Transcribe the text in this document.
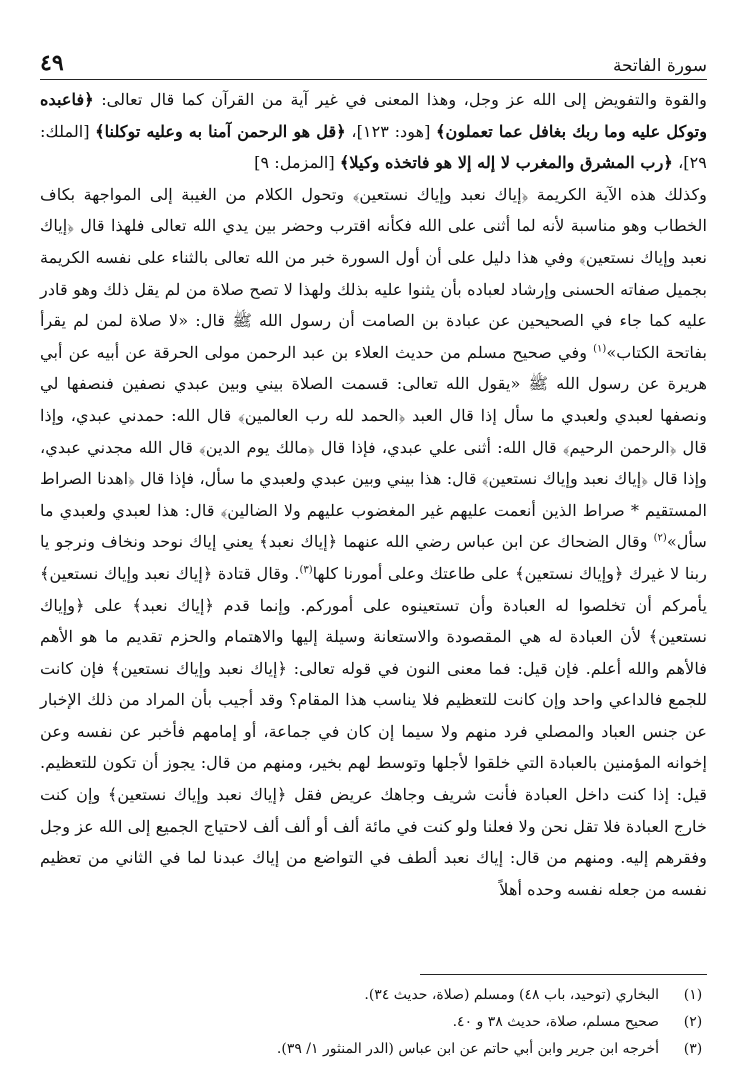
سورة الفاتحة
٤٩

والقوة والتفويض إلى الله عز وجل، وهذا المعنى في غير آية من القرآن كما قال تعالى: ﴿فاعبده وتوكل عليه وما ربك بغافل عما تعملون﴾ [هود: ١٢٣]، ﴿قل هو الرحمن آمنا به وعليه توكلنا﴾ [الملك: ٢٩]، ﴿رب المشرق والمغرب لا إله إلا هو فاتخذه وكيلا﴾ [المزمل: ٩]

وكذلك هذه الآية الكريمة ﴿إياك نعبد وإياك نستعين﴾ وتحول الكلام من الغيبة إلى المواجهة بكاف الخطاب وهو مناسبة لأنه لما أثنى على الله فكأنه اقترب وحضر بين يدي الله تعالى فلهذا قال ﴿إياك نعبد وإياك نستعين﴾ وفي هذا دليل على أن أول السورة خبر من الله تعالى بالثناء على نفسه الكريمة بجميل صفاته الحسنى وإرشاد لعباده بأن يثنوا عليه بذلك ولهذا لا تصح صلاة من لم يقل ذلك وهو قادر عليه كما جاء في الصحيحين عن عبادة بن الصامت أن رسول الله ﷺ قال: «لا صلاة لمن لم يقرأ بفاتحة الكتاب»$^{(١)}$ وفي صحيح مسلم من حديث العلاء بن عبد الرحمن مولى الحرقة عن أبيه عن أبي هريرة عن رسول الله ﷺ «يقول الله تعالى: قسمت الصلاة بيني وبين عبدي نصفين فنصفها لي ونصفها لعبدي ولعبدي ما سأل إذا قال العبد ﴿الحمد لله رب العالمين﴾ قال الله: حمدني عبدي، وإذا قال ﴿الرحمن الرحيم﴾ قال الله: أثنى علي عبدي، فإذا قال ﴿مالك يوم الدين﴾ قال الله مجدني عبدي، وإذا قال ﴿إياك نعبد وإياك نستعين﴾ قال: هذا بيني وبين عبدي ولعبدي ما سأل، فإذا قال ﴿اهدنا الصراط المستقيم * صراط الذين أنعمت عليهم غير المغضوب عليهم ولا الضالين﴾ قال: هذا لعبدي ولعبدي ما سأل»$^{(٢)}$ وقال الضحاك عن ابن عباس رضي الله عنهما ﴿إياك نعبد﴾ يعني إياك نوحد ونخاف ونرجو يا ربنا لا غيرك ﴿وإياك نستعين﴾ على طاعتك وعلى أمورنا كلها$^{(٣)}$. وقال قتادة ﴿إياك نعبد وإياك نستعين﴾ يأمركم أن تخلصوا له العبادة وأن تستعينوه على أموركم. وإنما قدم ﴿إياك نعبد﴾ على ﴿وإياك نستعين﴾ لأن العبادة له هي المقصودة والاستعانة وسيلة إليها والاهتمام والحزم تقديم ما هو الأهم فالأهم والله أعلم. فإن قيل: فما معنى النون في قوله تعالى: ﴿إياك نعبد وإياك نستعين﴾ فإن كانت للجمع فالداعي واحد وإن كانت للتعظيم فلا يناسب هذا المقام؟ وقد أجيب بأن المراد من ذلك الإخبار عن جنس العباد والمصلي فرد منهم ولا سيما إن كان في جماعة، أو إمامهم فأخبر عن نفسه وعن إخوانه المؤمنين بالعبادة التي خلقوا لأجلها وتوسط لهم بخير، ومنهم من قال: يجوز أن تكون للتعظيم. قيل: إذا كنت داخل العبادة فأنت شريف وجاهك عريض فقل ﴿إياك نعبد وإياك نستعين﴾ وإن كنت خارج العبادة فلا تقل نحن ولا فعلنا ولو كنت في مائة ألف أو ألف ألف لاحتياج الجميع إلى الله عز وجل وفقرهم إليه. ومنهم من قال: إياك نعبد ألطف في التواضع من إياك عبدنا لما في الثاني من تعظيم نفسه من جعله نفسه وحده أهلاً

(١)
البخاري (توحيد، باب ٤٨) ومسلم (صلاة، حديث ٣٤).
(٢)
صحيح مسلم، صلاة، حديث ٣٨ و ٤٠.
(٣)
أخرجه ابن جرير وابن أبي حاتم عن ابن عباس (الدر المنثور ١/ ٣٩).
